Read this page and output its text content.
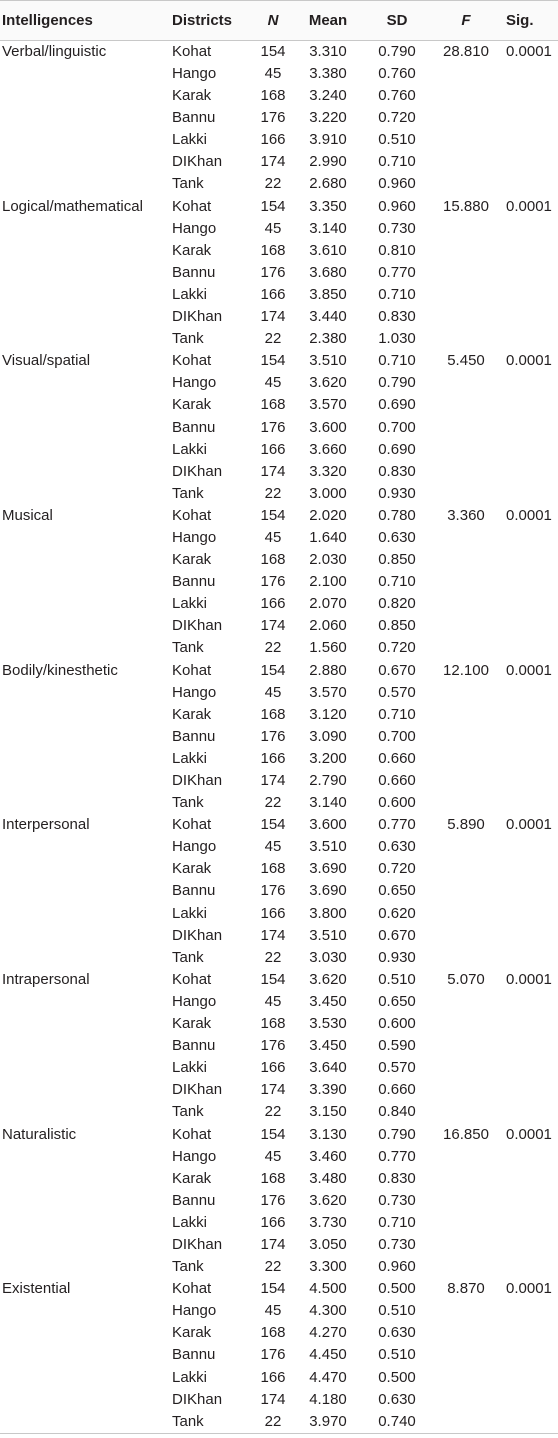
Intelligences	Districts	N	Mean	SD	F	Sig.
Verbal/linguistic	Kohat	154	3.310	0.790	28.810	0.0001
	Hango	45	3.380	0.760		
	Karak	168	3.240	0.760		
	Bannu	176	3.220	0.720		
	Lakki	166	3.910	0.510		
	DIKhan	174	2.990	0.710		
	Tank	22	2.680	0.960		
Logical/mathematical	Kohat	154	3.350	0.960	15.880	0.0001
	Hango	45	3.140	0.730		
	Karak	168	3.610	0.810		
	Bannu	176	3.680	0.770		
	Lakki	166	3.850	0.710		
	DIKhan	174	3.440	0.830		
	Tank	22	2.380	1.030		
Visual/spatial	Kohat	154	3.510	0.710	5.450	0.0001
	Hango	45	3.620	0.790		
	Karak	168	3.570	0.690		
	Bannu	176	3.600	0.700		
	Lakki	166	3.660	0.690		
	DIKhan	174	3.320	0.830		
	Tank	22	3.000	0.930		
Musical	Kohat	154	2.020	0.780	3.360	0.0001
	Hango	45	1.640	0.630		
	Karak	168	2.030	0.850		
	Bannu	176	2.100	0.710		
	Lakki	166	2.070	0.820		
	DIKhan	174	2.060	0.850		
	Tank	22	1.560	0.720		
Bodily/kinesthetic	Kohat	154	2.880	0.670	12.100	0.0001
	Hango	45	3.570	0.570		
	Karak	168	3.120	0.710		
	Bannu	176	3.090	0.700		
	Lakki	166	3.200	0.660		
	DIKhan	174	2.790	0.660		
	Tank	22	3.140	0.600		
Interpersonal	Kohat	154	3.600	0.770	5.890	0.0001
	Hango	45	3.510	0.630		
	Karak	168	3.690	0.720		
	Bannu	176	3.690	0.650		
	Lakki	166	3.800	0.620		
	DIKhan	174	3.510	0.670		
	Tank	22	3.030	0.930		
Intrapersonal	Kohat	154	3.620	0.510	5.070	0.0001
	Hango	45	3.450	0.650		
	Karak	168	3.530	0.600		
	Bannu	176	3.450	0.590		
	Lakki	166	3.640	0.570		
	DIKhan	174	3.390	0.660		
	Tank	22	3.150	0.840		
Naturalistic	Kohat	154	3.130	0.790	16.850	0.0001
	Hango	45	3.460	0.770		
	Karak	168	3.480	0.830		
	Bannu	176	3.620	0.730		
	Lakki	166	3.730	0.710		
	DIKhan	174	3.050	0.730		
	Tank	22	3.300	0.960		
Existential	Kohat	154	4.500	0.500	8.870	0.0001
	Hango	45	4.300	0.510		
	Karak	168	4.270	0.630		
	Bannu	176	4.450	0.510		
	Lakki	166	4.470	0.500		
	DIKhan	174	4.180	0.630		
	Tank	22	3.970	0.740		
